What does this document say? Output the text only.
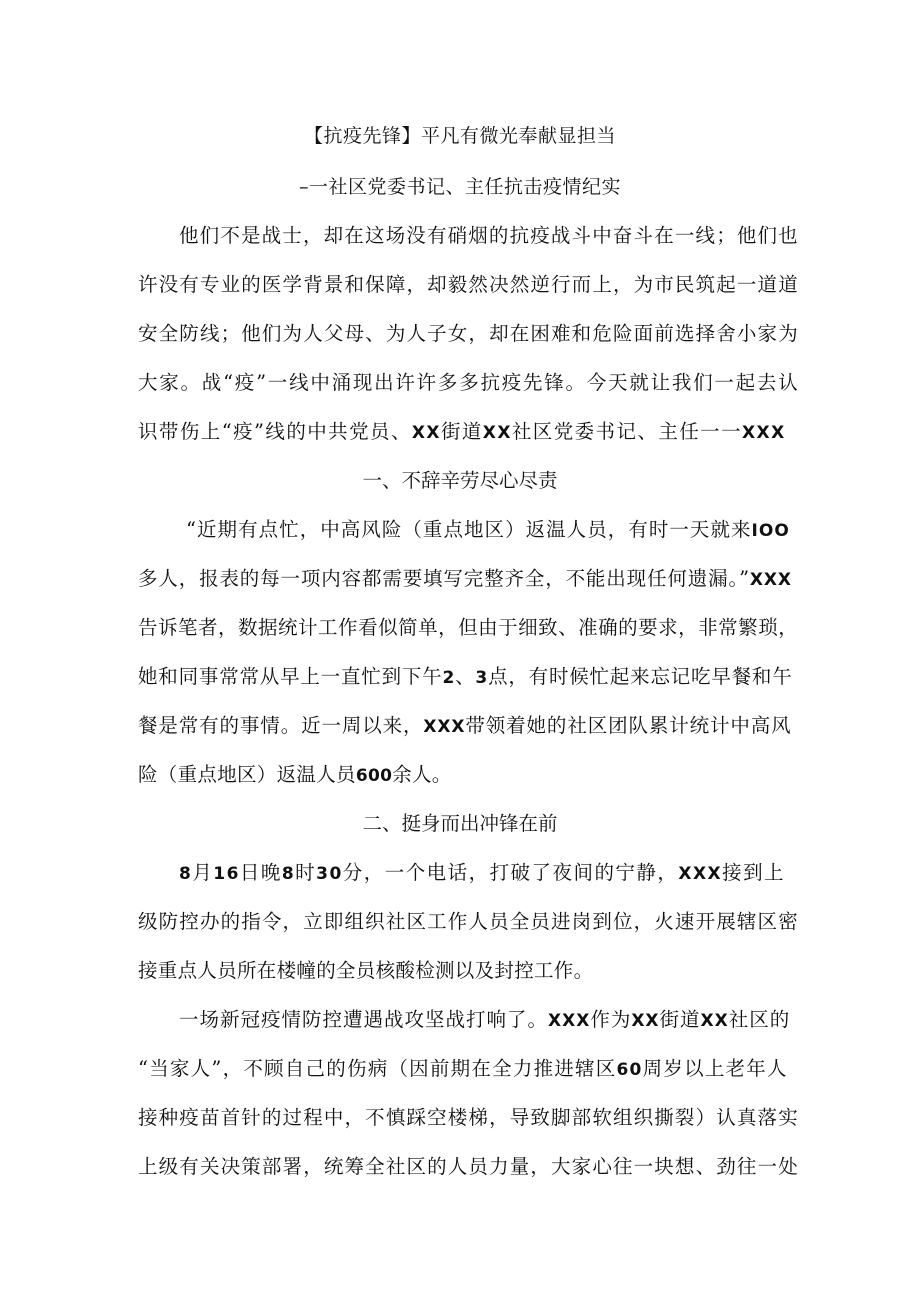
【抗疫先锋】平凡有微光奉献显担当
–一社区党委书记、主任抗击疫情纪实
他们不是战士，却在这场没有硝烟的抗疫战斗中奋斗在一线；他们也
许没有专业的医学背景和保障，却毅然决然逆行而上，为市民筑起一道道
安全防线；他们为人父母、为人子女，却在困难和危险面前选择舍小家为
大家。战“疫”一线中涌现出许许多多抗疫先锋。今天就让我们一起去认
识带伤上“疫”线的中共党员、XX街道XX社区党委书记、主任一一XXX
一、不辞辛劳尽心尽责
“近期有点忙，中高风险（重点地区）返温人员，有时一天就来IOO
多人，报表的每一项内容都需要填写完整齐全，不能出现任何遗漏。”XXX
告诉笔者，数据统计工作看似简单，但由于细致、准确的要求，非常繁琐，
她和同事常常从早上一直忙到下午2、3点，有时候忙起来忘记吃早餐和午
餐是常有的事情。近一周以来，XXX带领着她的社区团队累计统计中高风
险（重点地区）返温人员600余人。
二、挺身而出冲锋在前
8月16日晚8时30分，一个电话，打破了夜间的宁静，XXX接到上
级防控办的指令，立即组织社区工作人员全员进岗到位，火速开展辖区密
接重点人员所在楼幢的全员核酸检测以及封控工作。
一场新冠疫情防控遭遇战攻坚战打响了。XXX作为XX街道XX社区的
“当家人”，不顾自己的伤病（因前期在全力推进辖区60周岁以上老年人
接种疫苗首针的过程中，不慎踩空楼梯，导致脚部软组织撕裂）认真落实
上级有关决策部署，统筹全社区的人员力量，大家心往一块想、劲往一处
